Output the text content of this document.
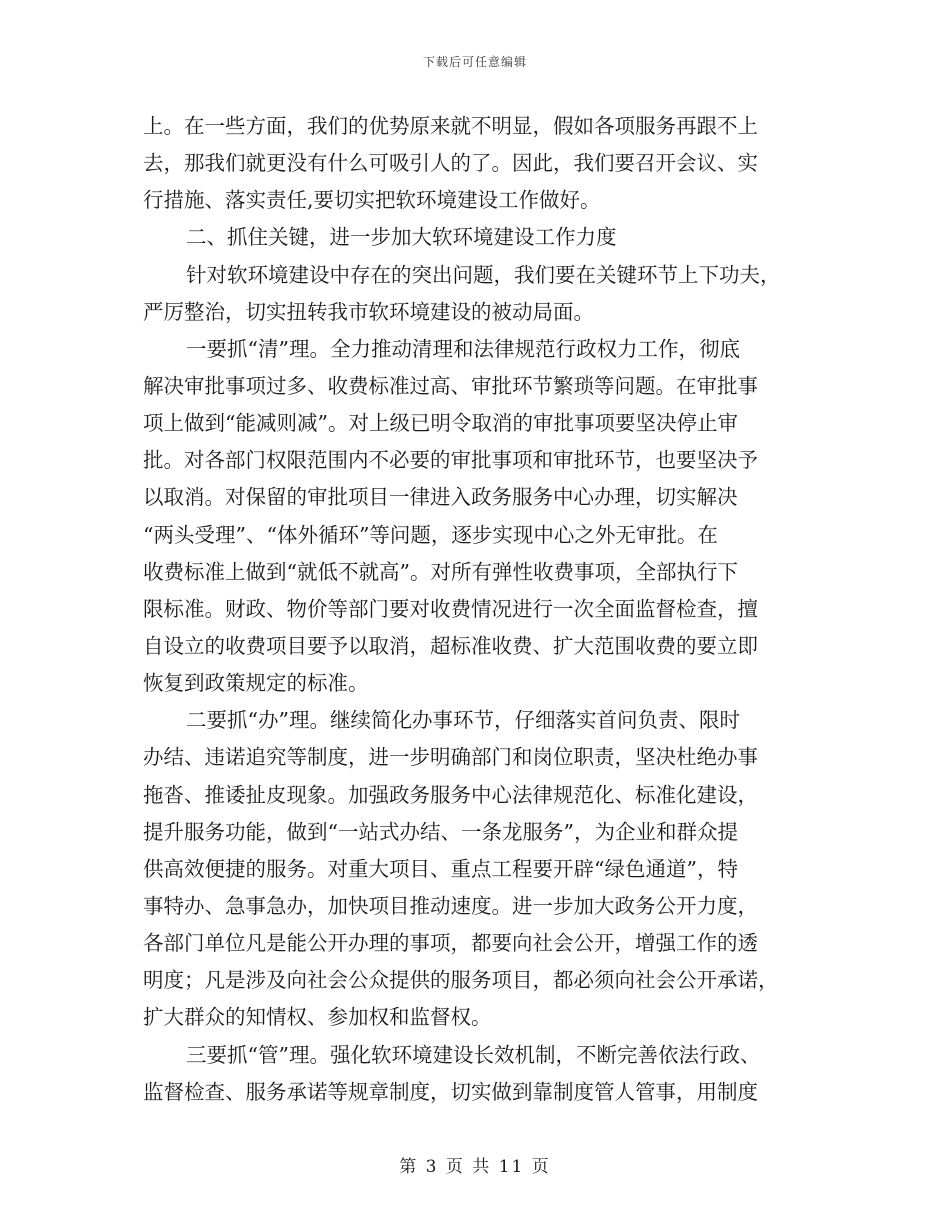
下载后可任意编辑
上。在一些方面，我们的优势原来就不明显，假如各项服务再跟不上
去，那我们就更没有什么可吸引人的了。因此，我们要召开会议、实
行措施、落实责任,要切实把软环境建设工作做好。
二、抓住关键，进一步加大软环境建设工作力度
针对软环境建设中存在的突出问题，我们要在关键环节上下功夫，
严厉整治，切实扭转我市软环境建设的被动局面。
一要抓“清”理。全力推动清理和法律规范行政权力工作，彻底
解决审批事项过多、收费标准过高、审批环节繁琐等问题。在审批事
项上做到“能减则减”。对上级已明令取消的审批事项要坚决停止审
批。对各部门权限范围内不必要的审批事项和审批环节，也要坚决予
以取消。对保留的审批项目一律进入政务服务中心办理，切实解决
“两头受理”、“体外循环”等问题，逐步实现中心之外无审批。在
收费标准上做到“就低不就高”。对所有弹性收费事项，全部执行下
限标准。财政、物价等部门要对收费情况进行一次全面监督检查，擅
自设立的收费项目要予以取消，超标准收费、扩大范围收费的要立即
恢复到政策规定的标准。
二要抓“办”理。继续简化办事环节，仔细落实首问负责、限时
办结、违诺追究等制度，进一步明确部门和岗位职责，坚决杜绝办事
拖沓、推诿扯皮现象。加强政务服务中心法律规范化、标准化建设，
提升服务功能，做到“一站式办结、一条龙服务”，为企业和群众提
供高效便捷的服务。对重大项目、重点工程要开辟“绿色通道”，特
事特办、急事急办，加快项目推动速度。进一步加大政务公开力度，
各部门单位凡是能公开办理的事项，都要向社会公开，增强工作的透
明度；凡是涉及向社会公众提供的服务项目，都必须向社会公开承诺，
扩大群众的知情权、参加权和监督权。
三要抓“管”理。强化软环境建设长效机制，不断完善依法行政、
监督检查、服务承诺等规章制度，切实做到靠制度管人管事，用制度
第 3 页 共 11 页
